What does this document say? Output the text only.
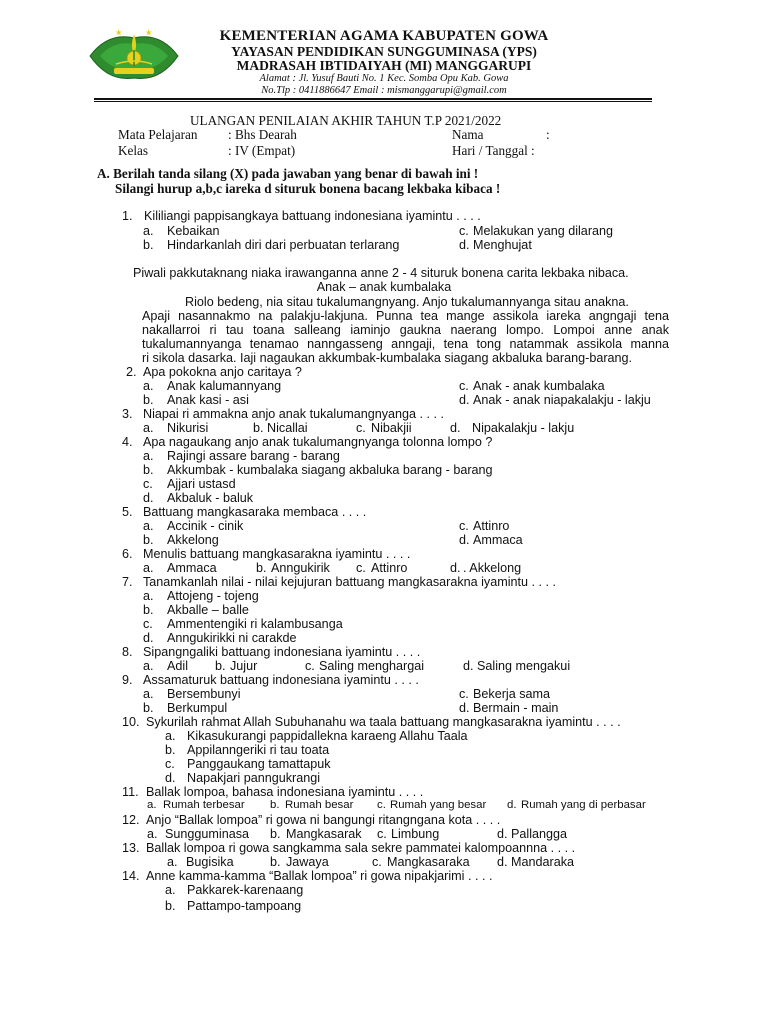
KEMENTERIAN AGAMA KABUPATEN GOWA
YAYASAN PENDIDIKAN SUNGGUMINASA (YPS)
MADRASAH IBTIDAIYAH (MI) MANGGARUPI
Alamat : Jl. Yusuf Bauti No. 1 Kec. Somba Opu Kab. Gowa
No.Tlp : 0411886647 Email : mismanggarupi@gmail.com
ULANGAN PENILAIAN AKHIR TAHUN T.P 2021/2022
Mata Pelajaran : Bhs Dearah	Nama	:
Kelas	: IV (Empat)	Hari / Tanggal :
A. Berilah tanda silang (X) pada jawaban yang benar di bawah ini !
Silangi hurup a,b,c iareka d situruk bonena bacang lekbaka kibaca !
1. Kililiangi pappisangkaya battuang indonesiana iyamintu . . . .
a. Kebaikan	c. Melakukan yang dilarang
b. Hindarkanlah diri dari perbuatan terlarang	d. Menghujat
Piwali pakkutaknang niaka irawanganna anne 2 - 4 situruk bonena carita lekbaka nibaca.
Anak – anak kumbalaka
Riolo bedeng, nia sitau tukalumangnyang. Anjo tukalumannyanga sitau anakna.
Apaji nasannakmo na palakju-lakjuna. Punna tea mange assikola iareka angngaji tena
nakallarroi ri tau toana salleang iaminjo gaukna naerang lompo. Lompoi anne anak
tukalumannyanga tenamao nanngasseng anngaji, tena tong natammak assikola manna
ri sikola dasarka. Iaji nagaukan akkumbak-kumbalaka siagang akbaluka barang-barang.
2. Apa pokokna anjo caritaya ?
a. Anak kalumannyang	c. Anak - anak kumbalaka
b. Anak kasi - asi	d. Anak - anak niapakalakju - lakju
3. Niapai ri ammakna anjo anak tukalumangnyanga . . . .
a. Nikurisi	b. Nicallai	c. Nibakjii	d. Nipakalakju - lakju
4. Apa nagaukang anjo anak tukalumangnyanga tolonna lompo ?
a. Rajingi assare barang - barang
b. Akkumbak - kumbalaka siagang akbaluka barang - barang
c. Ajjari ustasd
d. Akbaluk - baluk
5. Battuang mangkasaraka membaca . . . .
a. Accinik - cinik	c. Attinro
b. Akkelong	d. Ammaca
6. Menulis battuang mangkasarakna iyamintu . . . .
a. Ammaca	b. Anngukirik c. Attinro	d. . Akkelong
7. Tanamkanlah nilai - nilai kejujuran battuang mangkasarakna iyamintu . . . .
a. Attojeng - tojeng
b. Akballe – balle
c. Ammentengiki ri kalambusanga
d. Anngukirikki ni carakde
8. Sipangngaliki battuang indonesiana iyamintu . . . .
a. Adil b. Jujur	c. Saling menghargai	d. Saling mengakui
9. Assamaturuk battuang indonesiana iyamintu . . . .
a. Bersembunyi	c. Bekerja sama
b. Berkumpul	d. Bermain - main
10. Sykurilah rahmat Allah Subuhanahu wa taala battuang mangkasarakna iyamintu . . . .
a. Kikasukurangi pappidallekna karaeng Allahu Taala
b. Appilanngeriki ri tau toata
c. Panggaukang tamattapuk
d. Napakjari panngukrangi
11. Ballak lompoa, bahasa indonesiana iyamintu . . . .
a. Rumah terbesar b. Rumah besar c. Rumah yang besar d. Rumah yang di perbasar
12. Anjo “Ballak lompoa” ri gowa ni bangungi ritangngana kota . . . .
a. Sungguminasa b. Mangkasarak c. Limbung	d. Pallangga
13. Ballak lompoa ri gowa sangkamma sala sekre pammatei kalompoannna . . . .
a. Bugisika	b. Jawaya	c. Mangkasaraka d. Mandaraka
14. Anne kamma-kamma “Ballak lompoa” ri gowa nipakjarimi . . . .
a. Pakkarek-karenaang
b. Pattampo-tampoang
